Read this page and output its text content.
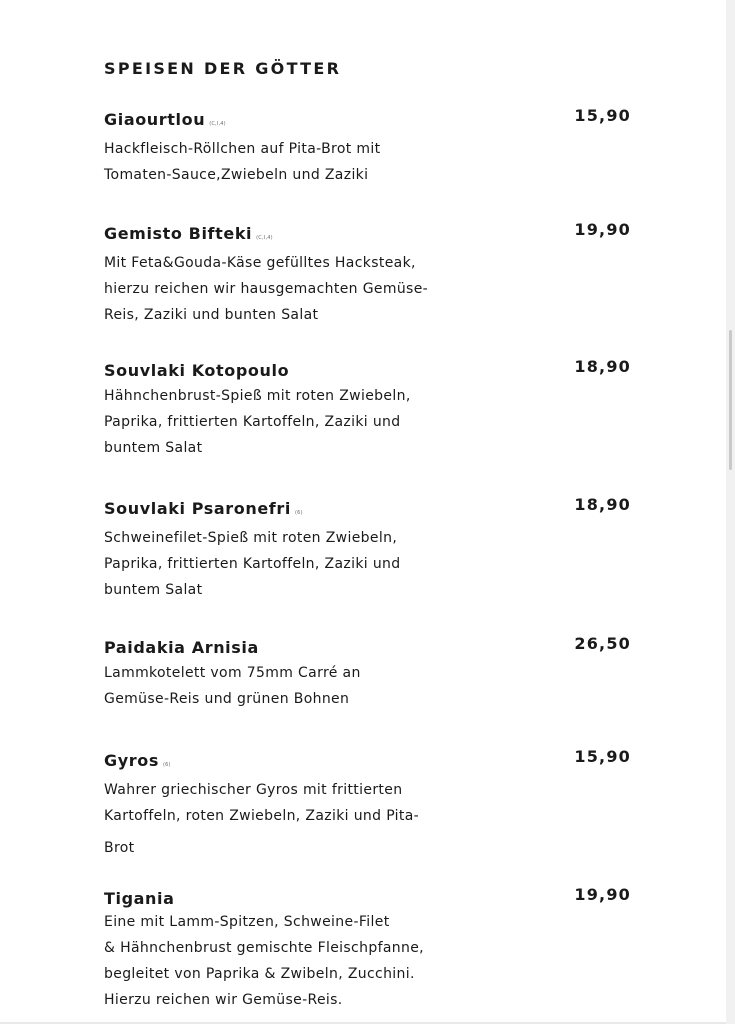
SPEISEN DER GÖTTER
Giaourtlou (C,I,4)	15,90
Hackfleisch-Röllchen auf Pita-Brot mit
Tomaten-Sauce,Zwiebeln und Zaziki
Gemisto Bifteki (C,I,4)	19,90
Mit Feta&Gouda-Käse gefülltes Hacksteak,
hierzu reichen wir hausgemachten Gemüse-
Reis, Zaziki und bunten Salat
Souvlaki Kotopoulo	18,90
Hähnchenbrust-Spieß mit roten Zwiebeln,
Paprika, frittierten Kartoffeln, Zaziki und
buntem Salat
Souvlaki Psaronefri (6)	18,90
Schweinefilet-Spieß mit roten Zwiebeln,
Paprika, frittierten Kartoffeln, Zaziki und
buntem Salat
Paidakia Arnisia	26,50
Lammkotelett vom 75mm Carré an
Gemüse-Reis und grünen Bohnen
Gyros (6)	15,90
Wahrer griechischer Gyros mit frittierten
Kartoffeln, roten Zwiebeln, Zaziki und Pita-
Brot
Tigania	19,90
Eine mit Lamm-Spitzen, Schweine-Filet
& Hähnchenbrust gemischte Fleischpfanne,
begleitet von Paprika & Zwibeln, Zucchini.
Hierzu reichen wir Gemüse-Reis.
